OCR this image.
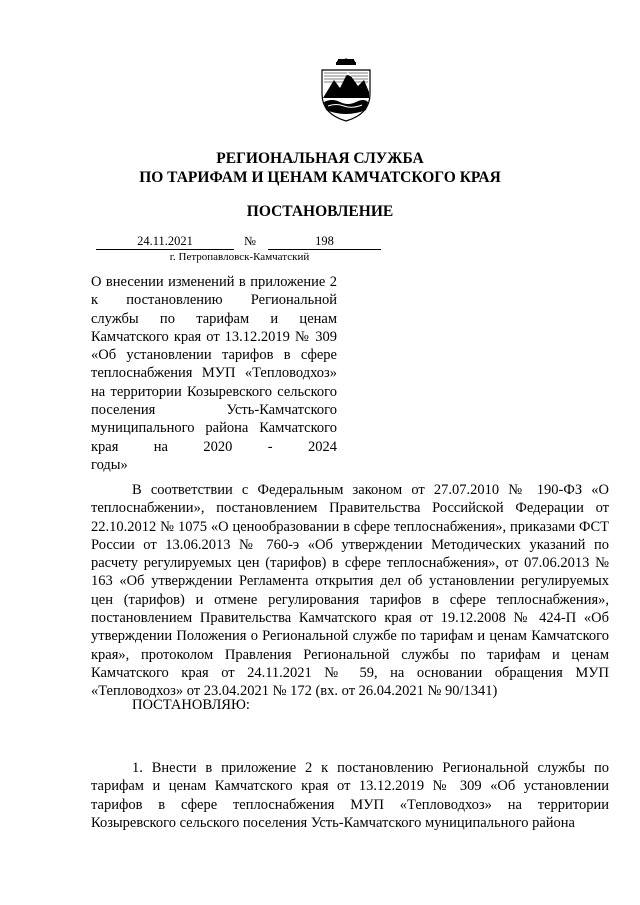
РЕГИОНАЛЬНАЯ СЛУЖБА
ПО ТАРИФАМ И ЦЕНАМ КАМЧАТСКОГО КРАЯ
ПОСТАНОВЛЕНИЕ
24.11.2021	№	198
г. Петропавловск-Камчатский

О внесении изменений в приложение 2 к постановлению Региональной службы по тарифам и ценам Камчатского края от 13.12.2019 № 309 «Об установлении тарифов в сфере теплоснабжения МУП «Тепловодхоз» на территории Козыревского сельского поселения Усть-Камчатского муниципального района Камчатского края на 2020 - 2024
годы»

В соответствии с Федеральным законом от 27.07.2010 № 190-ФЗ «О теплоснабжении», постановлением Правительства Российской Федерации от 22.10.2012 № 1075 «О ценообразовании в сфере теплоснабжения», приказами ФСТ России от 13.06.2013 № 760-э «Об утверждении Методических указаний по расчету регулируемых цен (тарифов) в сфере теплоснабжения», от 07.06.2013 № 163 «Об утверждении Регламента открытия дел об установлении регулируемых цен (тарифов) и отмене регулирования тарифов в сфере теплоснабжения», постановлением Правительства Камчатского края от 19.12.2008 № 424-П «Об утверждении Положения о Региональной службе по тарифам и ценам Камчатского края», протоколом Правления Региональной службы по тарифам и ценам Камчатского края от 24.11.2021 № 59, на основании обращения МУП «Тепловодхоз» от 23.04.2021 № 172 (вх. от 26.04.2021 № 90/1341)

ПОСТАНОВЛЯЮ:

1. Внести в приложение 2 к постановлению Региональной службы по тарифам и ценам Камчатского края от 13.12.2019 № 309 «Об установлении тарифов в сфере теплоснабжения МУП «Тепловодхоз» на территории Козыревского сельского поселения Усть-Камчатского муниципального района
